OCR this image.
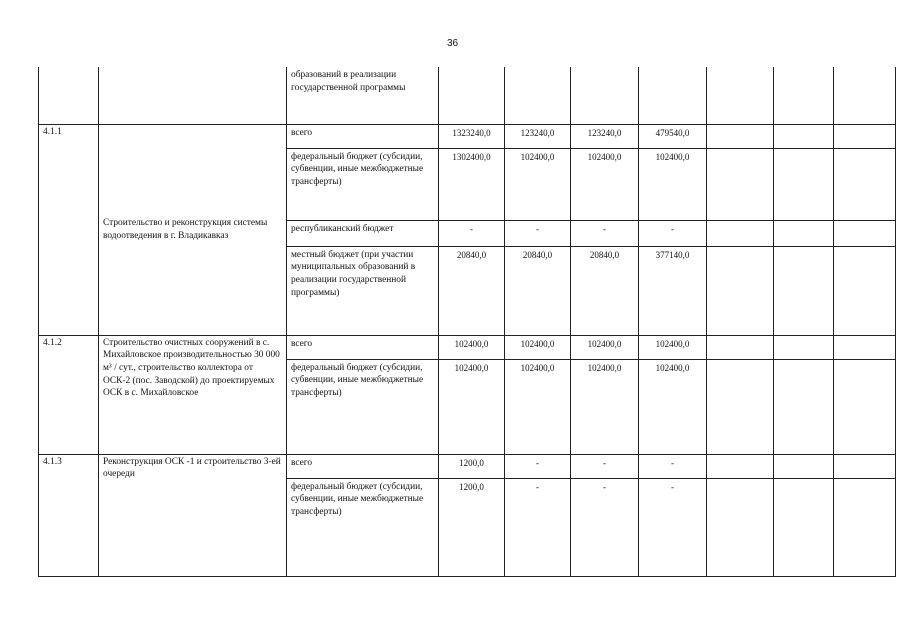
36
		образований в реализации государственной программы							
4.1.1	Строительство и реконструкция системы водоотведения в г. Владикавказ	всего	1323240,0	123240,0	123240,0	479540,0			
		федеральный бюджет (субсидии, субвенции, иные межбюджетные трансферты)	1302400,0	102400,0	102400,0	102400,0			
		республиканский бюджет	-	-	-	-			
		местный бюджет (при участии муниципальных образований в реализации государственной программы)	20840,0	20840,0	20840,0	377140,0			
4.1.2	Строительство очистных сооружений в с. Михайловское производительностью 30 000 м³ / сут., строительство коллектора от ОСК-2 (пос. Заводской) до проектируемых ОСК в с. Михайловское	всего	102400,0	102400,0	102400,0	102400,0			
		федеральный бюджет (субсидии, субвенции, иные межбюджетные трансферты)	102400,0	102400,0	102400,0	102400,0			
4.1.3	Реконструкция ОСК -1 и строительство 3-ей очереди	всего	1200,0	-	-	-			
		федеральный бюджет (субсидии, субвенции, иные межбюджетные трансферты)	1200,0	-	-	-			
